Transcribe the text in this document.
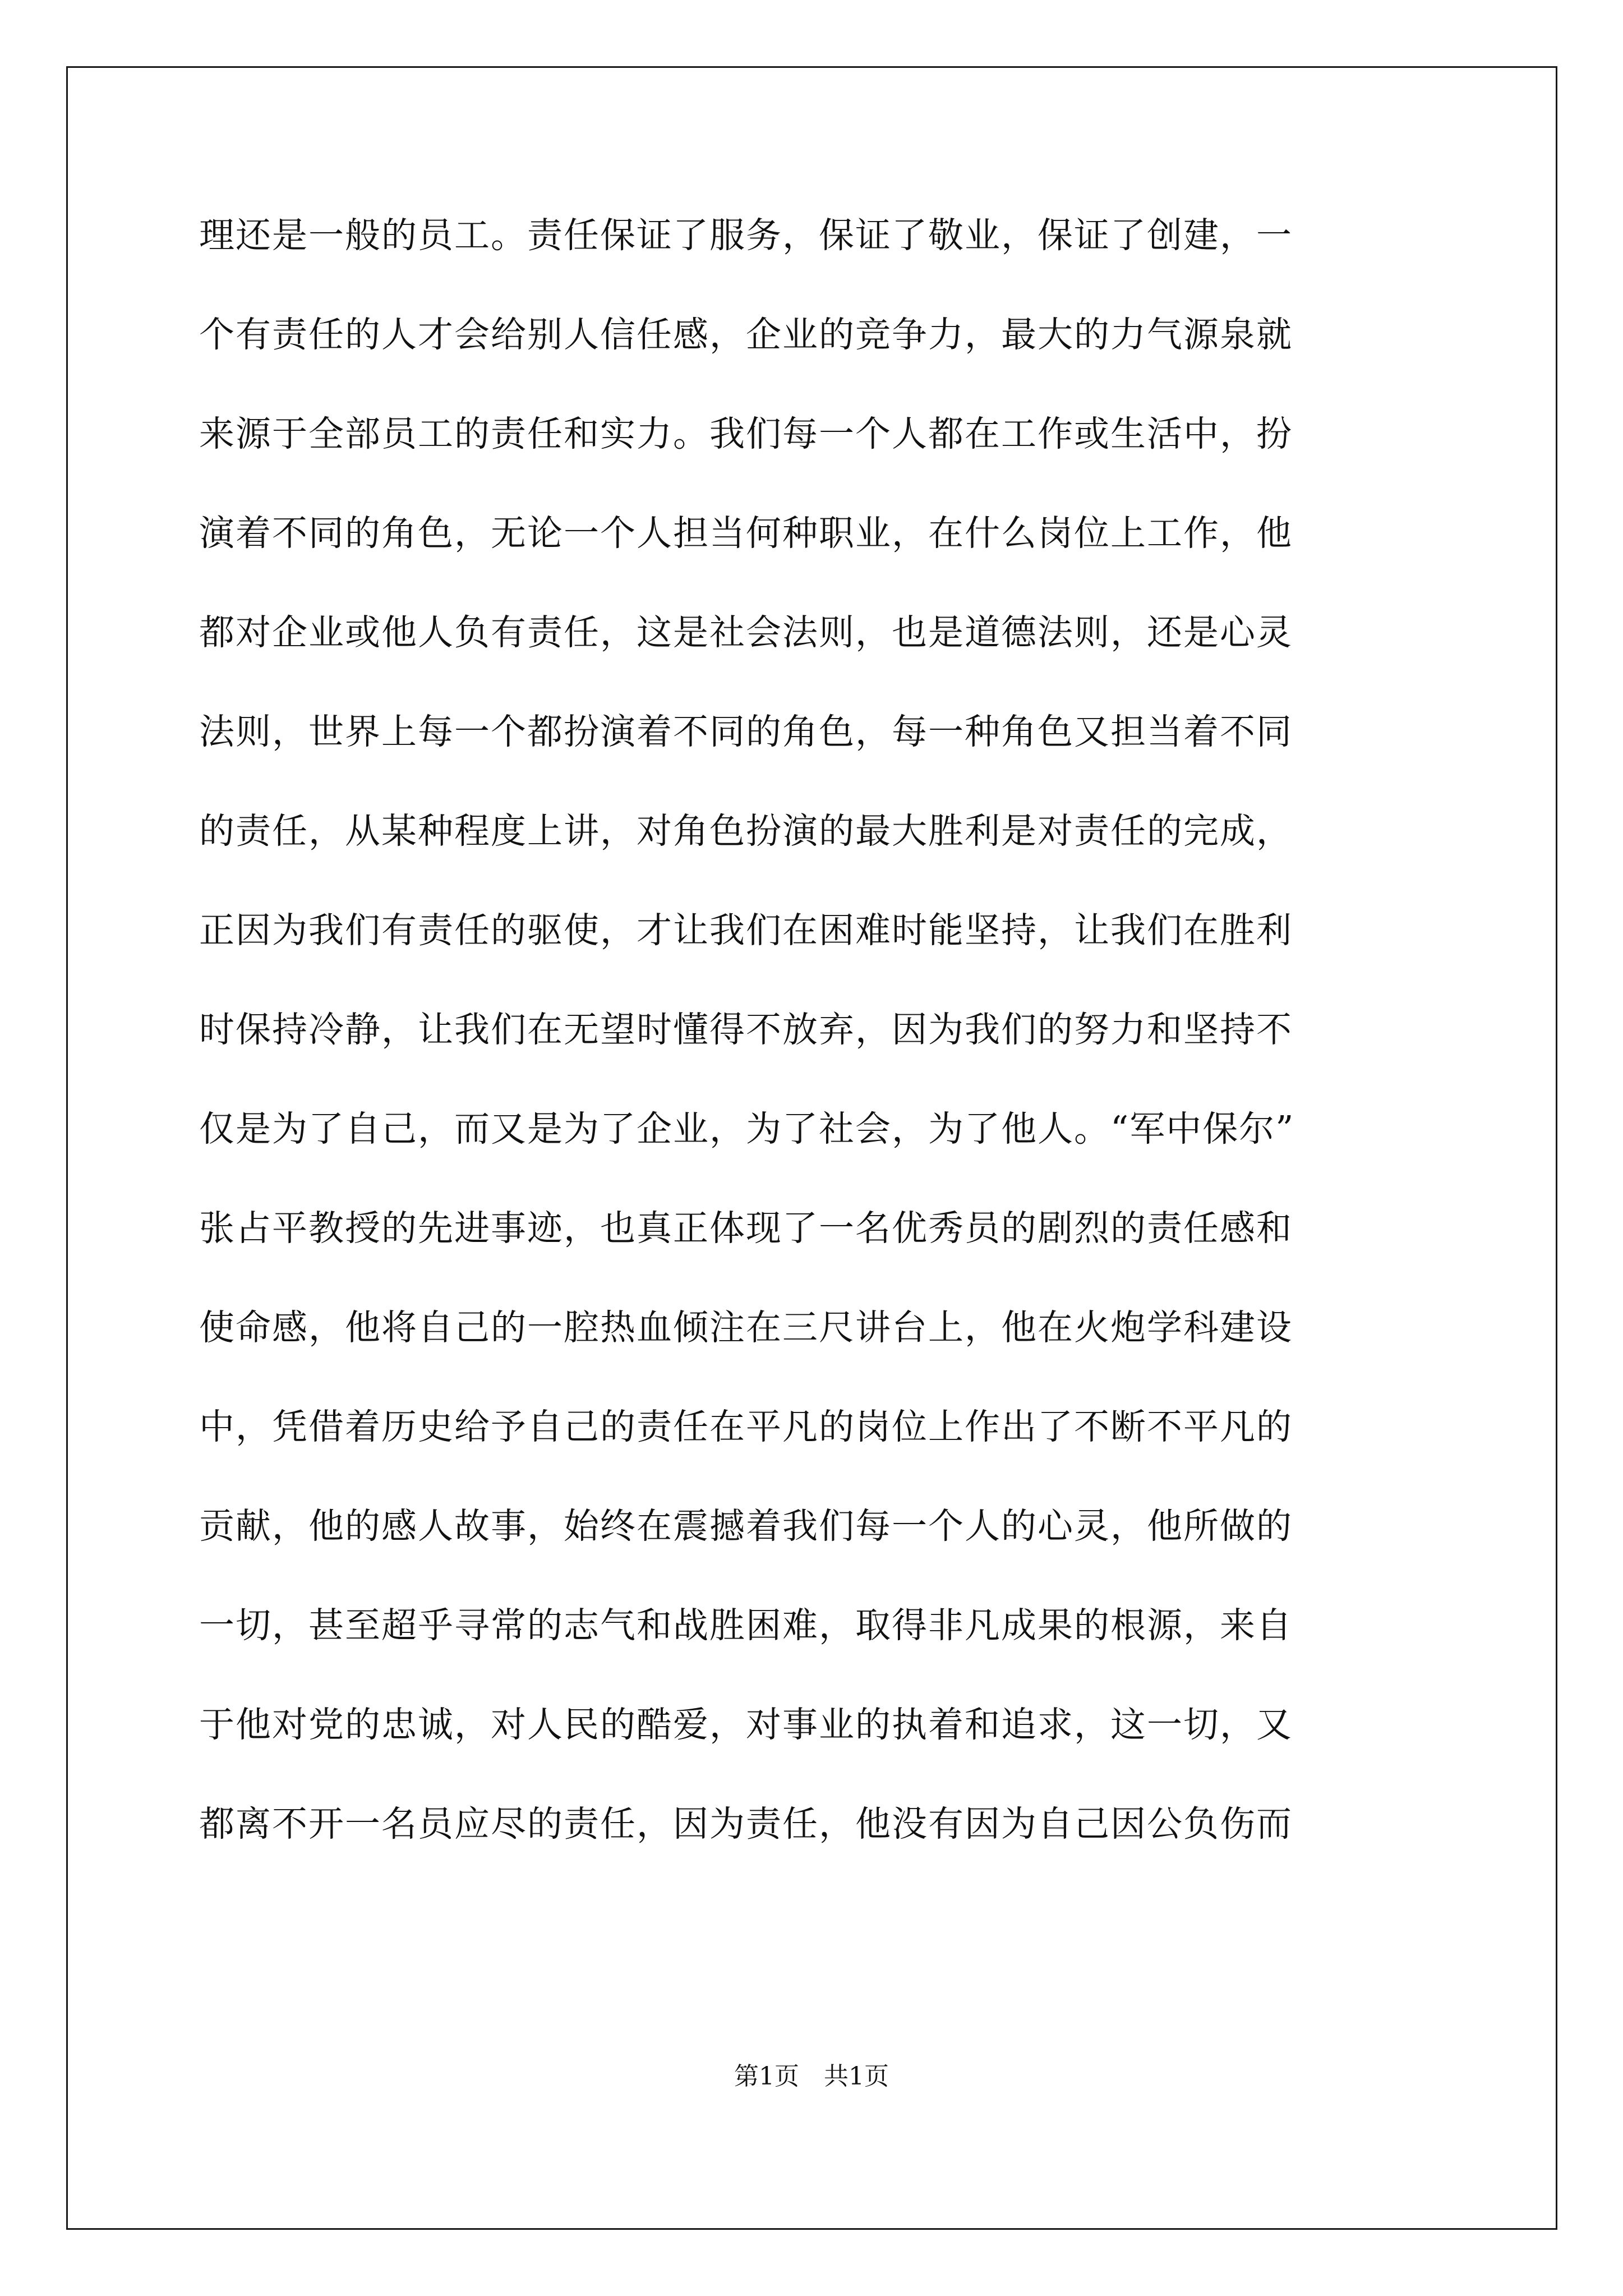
理还是一般的员工。责任保证了服务，保证了敬业，保证了创建，一
个有责任的人才会给别人信任感，企业的竞争力，最大的力气源泉就
来源于全部员工的责任和实力。我们每一个人都在工作或生活中，扮
演着不同的角色，无论一个人担当何种职业，在什么岗位上工作，他
都对企业或他人负有责任，这是社会法则，也是道德法则，还是心灵
法则，世界上每一个都扮演着不同的角色，每一种角色又担当着不同
的责任，从某种程度上讲，对角色扮演的最大胜利是对责任的完成，
正因为我们有责任的驱使，才让我们在困难时能坚持，让我们在胜利
时保持冷静，让我们在无望时懂得不放弃，因为我们的努力和坚持不
仅是为了自己，而又是为了企业，为了社会，为了他人。“军中保尔”
张占平教授的先进事迹，也真正体现了一名优秀员的剧烈的责任感和
使命感，他将自己的一腔热血倾注在三尺讲台上，他在火炮学科建设
中，凭借着历史给予自己的责任在平凡的岗位上作出了不断不平凡的
贡献，他的感人故事，始终在震撼着我们每一个人的心灵，他所做的
一切，甚至超乎寻常的志气和战胜困难，取得非凡成果的根源，来自
于他对党的忠诚，对人民的酷爱，对事业的执着和追求，这一切，又
都离不开一名员应尽的责任，因为责任，他没有因为自己因公负伤而
第1页　共1页
